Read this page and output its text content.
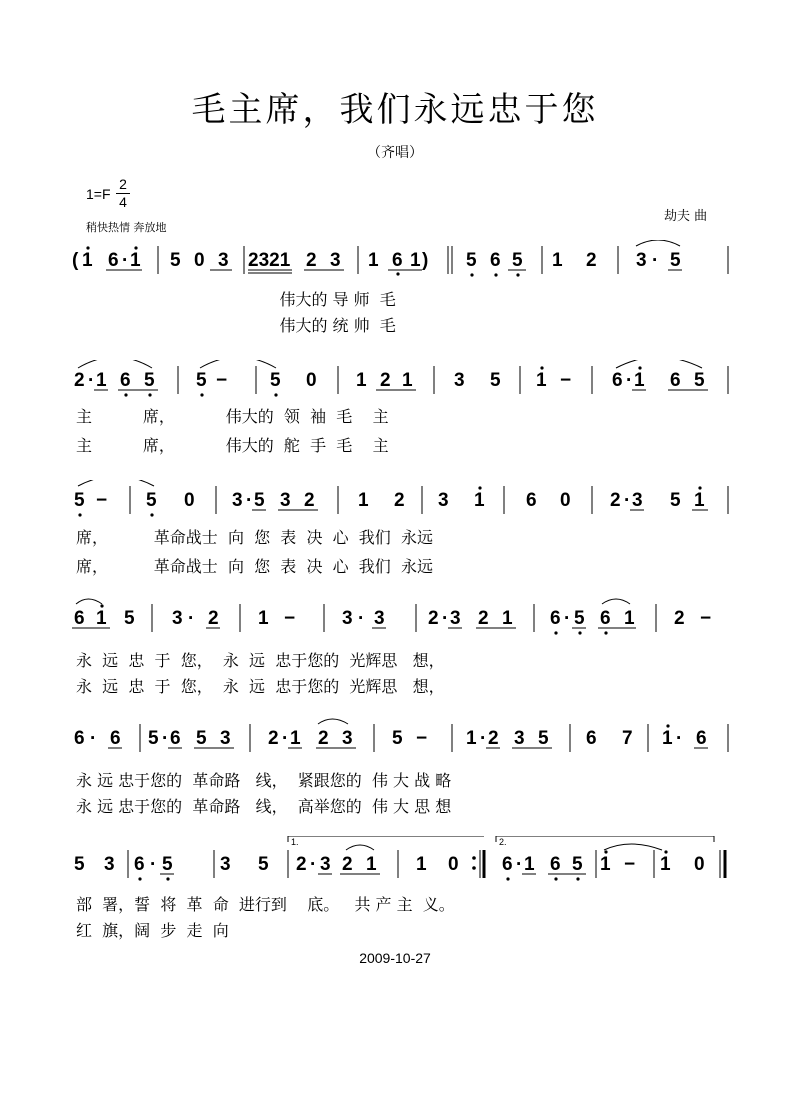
毛主席，我们永远忠于您
（齐唱）
1=F
2
4
稍快热情 奔放地
劫夫 曲
( 1 6 · 1 5 0 3 2321 2 3 1 6 1 ) 5 6 5 1 2 3 · 5
伟大的 导 师  毛
伟大的 统 帅  毛
2 · 1 6 5 5 − 5 0 1 2 1 3 5 1 − 6 · 1 6 5
主          席，          伟大的  领  袖  毛    主
主          席，          伟大的  舵  手  毛    主
5 − 5 0 3 · 5 3 2 1 2 3 1 6 0 2 · 3 5 1
席，         革命战士  向  您  表  决  心  我们  永远
席，         革命战士  向  您  表  决  心  我们  永远
6 1 5 3 · 2 1 − 3 · 3 2 · 3 2 1 6 · 5 6 1 2 −
永  远  忠  于  您，  永  远  忠于您的  光辉思   想，
永  远  忠  于  您，  永  远  忠于您的  光辉思   想，
6 · 6 5 · 6 5 3 2 · 1 2 3 5 − 1 · 2 3 5 6 7 1 · 6
永 远 忠于您的  革命路   线，  紧跟您的  伟 大 战 略
永 远 忠于您的  革命路   线，  高举您的  伟 大 思 想
1.	2.
5 3 6 · 5 3 5 2 · 3 2 1 1 0 6 · 1 6 5 1 − 1 0
部  署，誓  将  革  命  进行到    底。   共 产 主  义。
红  旗，阔  步  走  向
2009-10-27
